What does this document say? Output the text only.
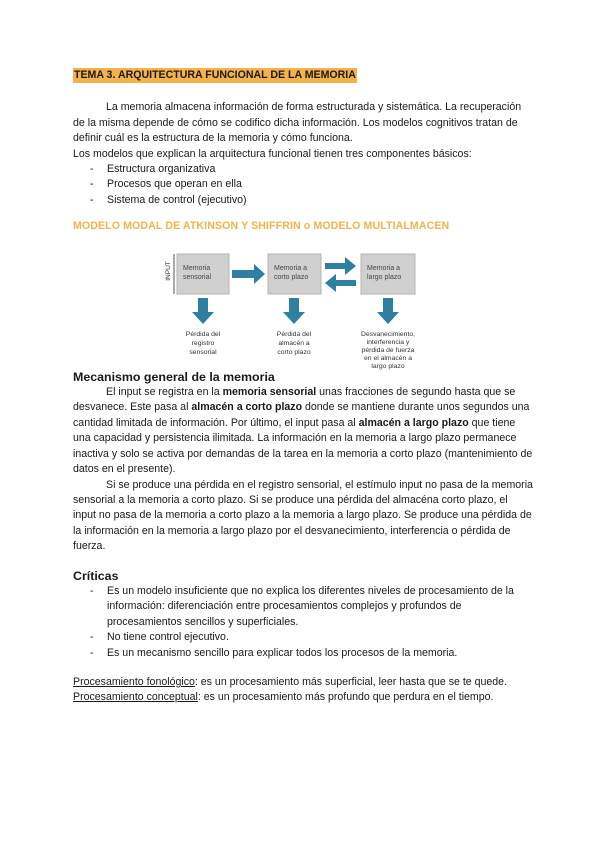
TEMA 3. ARQUITECTURA FUNCIONAL DE LA MEMORIA

La memoria almacena información de forma estructurada y sistemática. La recuperación de la misma depende de cómo se codifico dicha información. Los modelos cognitivos tratan de definir cuál es la estructura de la memoria y cómo funciona.

Los modelos que explican la arquitectura funcional tienen tres componentes básicos:

- Estructura organizativa
- Procesos que operan en ella
- Sistema de control (ejecutivo)
MODELO MODAL DE ATKINSON Y SHIFFRIN o MODELO MULTIALMACEN
INPUT Memoria
sensorial
Memoria a
corto plazo
Memoria a
largo plazo
Pérdida del
registro
sensorial
Pérdida del
almacén a
corto plazo
Desvanecimiento,
interferencia y
pérdida de fuerza
en el almacén a
largo plazo
Mecanismo general de la memoria

El input se registra en la memoria sensorial unas fracciones de segundo hasta que se desvanece. Este pasa al almacén a corto plazo donde se mantiene durante unos segundos una cantidad limitada de información. Por último, el input pasa al almacén a largo plazo que tiene una capacidad y persistencia ilimitada. La información en la memoria a largo plazo permanece inactiva y solo se activa por demandas de la tarea en la memoria a corto plazo (mantenimiento de datos en el presente).

Si se produce una pérdida en el registro sensorial, el estímulo input no pasa de la memoria sensorial a la memoria a corto plazo. Si se produce una pérdida del almacéna corto plazo, el input no pasa de la memoria a corto plazo a la memoria a largo plazo. Se produce una pérdida de la información en la memoria a largo plazo por el desvanecimiento, interferencia o pérdida de fuerza.

Críticas
- Es un modelo insuficiente que no explica los diferentes niveles de procesamiento de la información: diferenciación entre procesamientos complejos y profundos de procesamientos sencillos y superficiales.
- No tiene control ejecutivo.
- Es un mecanismo sencillo para explicar todos los procesos de la memoria.

Procesamiento fonológico: es un procesamiento más superficial, leer hasta que se te quede.

Procesamiento conceptual: es un procesamiento más profundo que perdura en el tiempo.
